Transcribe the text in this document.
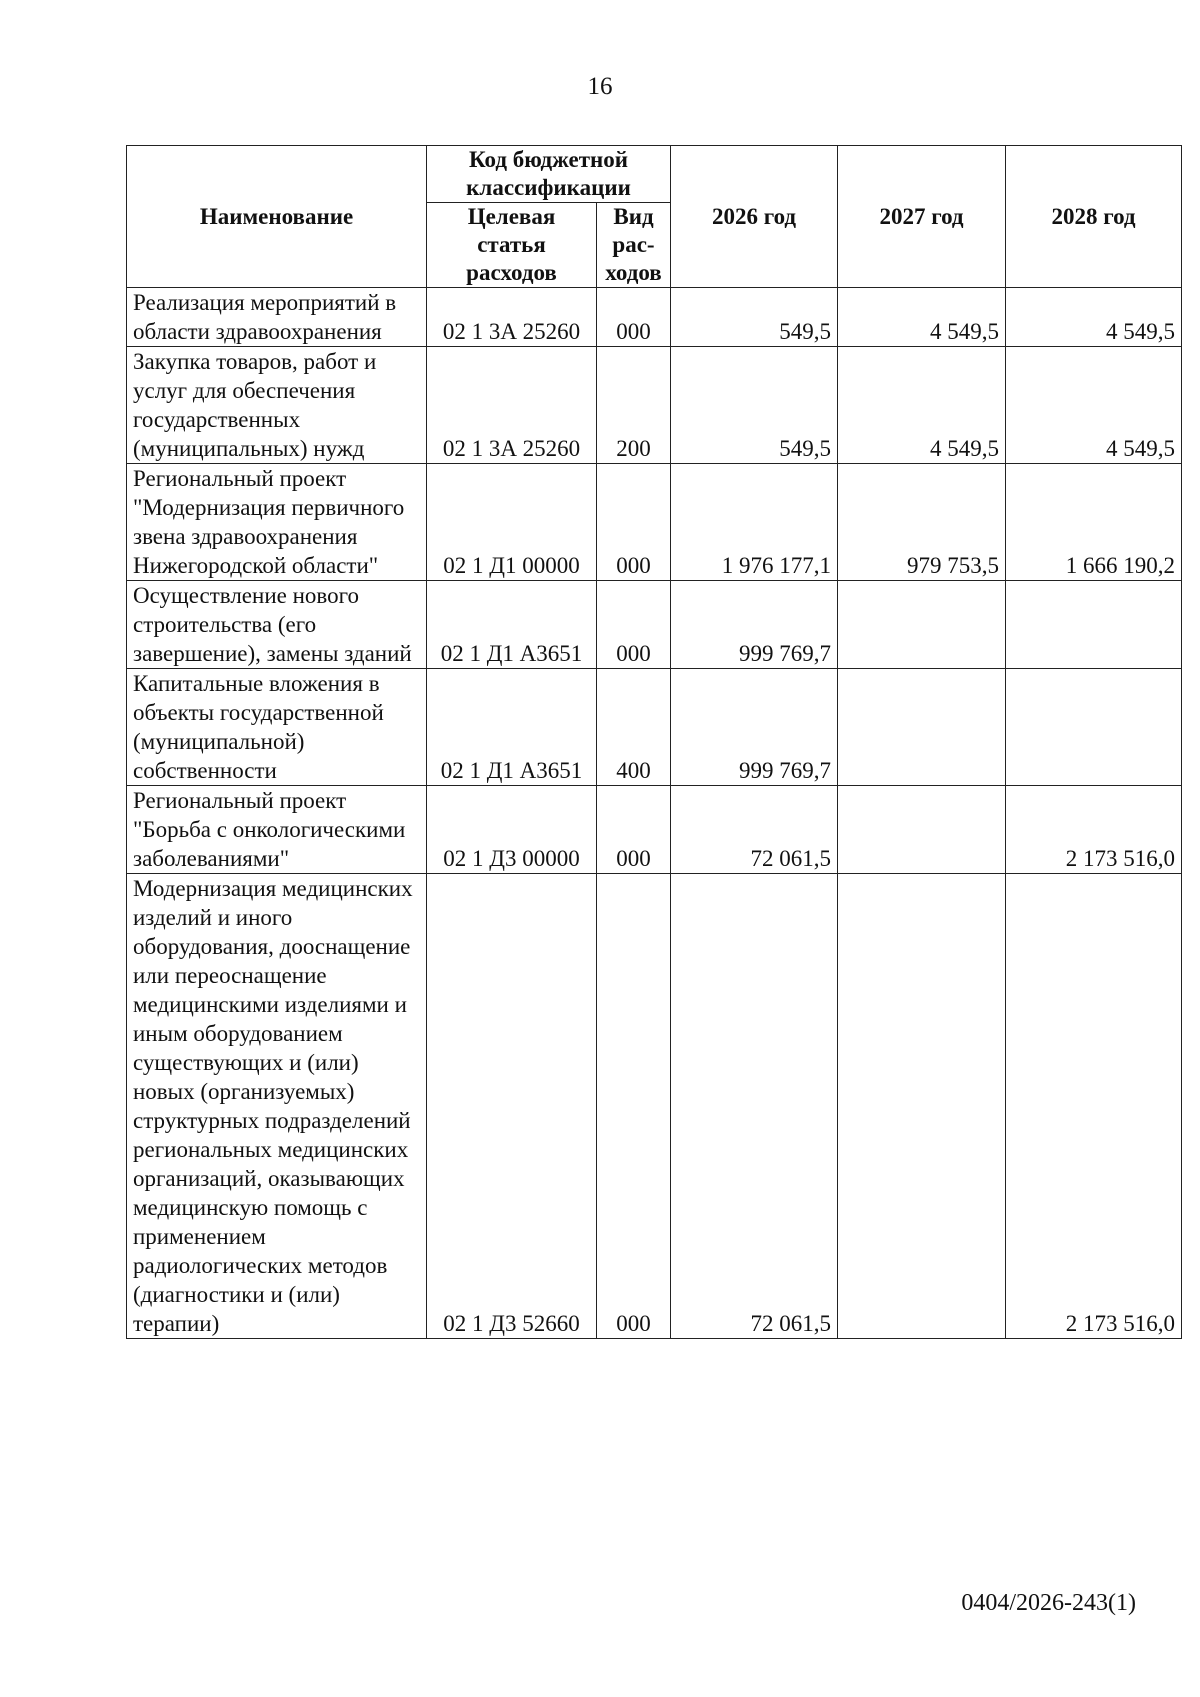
16
Наименование	Код бюджетной классификации		2026 год	2027 год	2028 год
	Целевая статья расходов	Вид рас-ходов			
Реализация мероприятий в области здравоохранения	02 1 3А 25260	000	549,5	4 549,5	4 549,5
Закупка товаров, работ и услуг для обеспечения государственных (муниципальных) нужд	02 1 3А 25260	200	549,5	4 549,5	4 549,5
Региональный проект "Модернизация первичного звена здравоохранения Нижегородской области"	02 1 Д1 00000	000	1 976 177,1	979 753,5	1 666 190,2
Осуществление нового строительства (его завершение), замены зданий	02 1 Д1 А3651	000	999 769,7		
Капитальные вложения в объекты государственной (муниципальной) собственности	02 1 Д1 А3651	400	999 769,7		
Региональный проект "Борьба с онкологическими заболеваниями"	02 1 Д3 00000	000	72 061,5		2 173 516,0
Модернизация медицинских изделий и иного оборудования, дооснащение или переоснащение медицинскими изделиями и иным оборудованием существующих и (или) новых (организуемых) структурных подразделений региональных медицинских организаций, оказывающих медицинскую помощь с применением радиологических методов (диагностики и (или) терапии)	02 1 Д3 52660	000	72 061,5		2 173 516,0
0404/2026-243(1)
